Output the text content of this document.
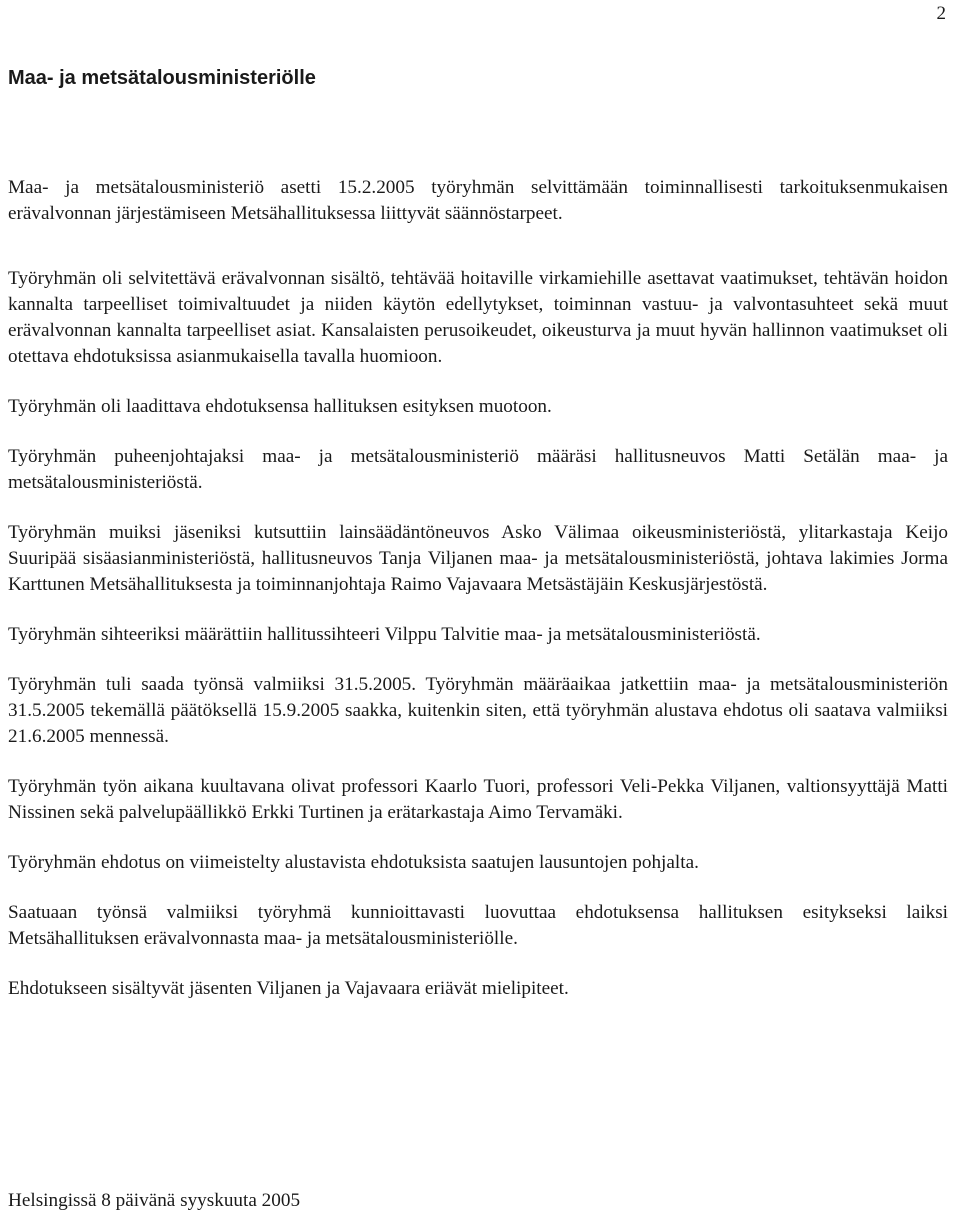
2
Maa- ja metsätalousministeriölle

Maa- ja metsätalousministeriö asetti 15.2.2005 työryhmän selvittämään toiminnallisesti tarkoituksenmukaisen erävalvonnan järjestämiseen Metsähallituksessa liittyvät säännöstarpeet.

Työryhmän oli selvitettävä erävalvonnan sisältö, tehtävää hoitaville virkamiehille asettavat vaatimukset, tehtävän hoidon kannalta tarpeelliset toimivaltuudet ja niiden käytön edellytykset, toiminnan vastuu- ja valvontasuhteet sekä muut erävalvonnan kannalta tarpeelliset asiat. Kansalaisten perusoikeudet, oikeusturva ja muut hyvän hallinnon vaatimukset oli otettava ehdotuksissa asianmukaisella tavalla huomioon.

Työryhmän oli laadittava ehdotuksensa hallituksen esityksen muotoon.

Työryhmän puheenjohtajaksi maa- ja metsätalousministeriö määräsi hallitusneuvos Matti Setälän maa- ja metsätalousministeriöstä.

Työryhmän muiksi jäseniksi kutsuttiin lainsäädäntöneuvos Asko Välimaa oikeusministeriöstä, ylitarkastaja Keijo Suuripää sisäasianministeriöstä, hallitusneuvos Tanja Viljanen maa- ja metsätalousministeriöstä, johtava lakimies Jorma Karttunen Metsähallituksesta ja toiminnanjohtaja Raimo Vajavaara Metsästäjäin Keskusjärjestöstä.

Työryhmän sihteeriksi määrättiin hallitussihteeri Vilppu Talvitie maa- ja metsätalousministeriöstä.

Työryhmän tuli saada työnsä valmiiksi 31.5.2005. Työryhmän määräaikaa jatkettiin maa- ja metsätalousministeriön 31.5.2005 tekemällä päätöksellä 15.9.2005 saakka, kuitenkin siten, että työryhmän alustava ehdotus oli saatava valmiiksi 21.6.2005 mennessä.

Työryhmän työn aikana kuultavana olivat professori Kaarlo Tuori, professori Veli-Pekka Viljanen, valtionsyyttäjä Matti Nissinen sekä palvelupäällikkö Erkki Turtinen ja erätarkastaja Aimo Tervamäki.

Työryhmän ehdotus on viimeistelty alustavista ehdotuksista saatujen lausuntojen pohjalta.

Saatuaan työnsä valmiiksi työryhmä kunnioittavasti luovuttaa ehdotuksensa hallituksen esitykseksi laiksi Metsähallituksen erävalvonnasta maa- ja metsätalousministeriölle.

Ehdotukseen sisältyvät jäsenten Viljanen ja Vajavaara eriävät mielipiteet.

Helsingissä 8 päivänä syyskuuta 2005
